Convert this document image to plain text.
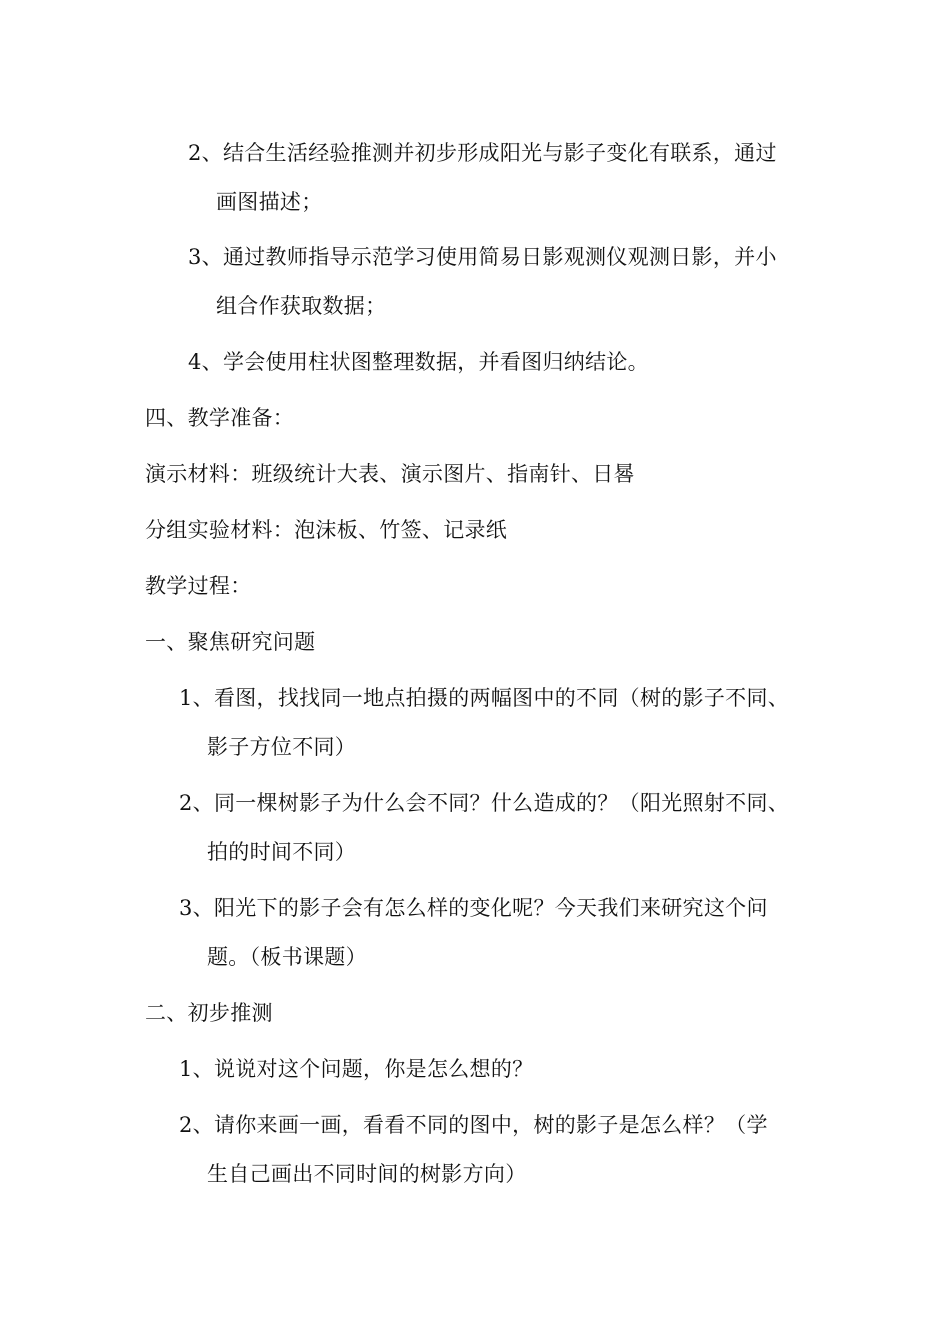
2、结合生活经验推测并初步形成阳光与影子变化有联系，通过
画图描述；
3、通过教师指导示范学习使用简易日影观测仪观测日影，并小
组合作获取数据；
4、学会使用柱状图整理数据，并看图归纳结论。
四、教学准备：
演示材料：班级统计大表、演示图片、指南针、日晷
分组实验材料：泡沫板、竹签、记录纸
教学过程：
一、聚焦研究问题
1、看图，找找同一地点拍摄的两幅图中的不同（树的影子不同、
影子方位不同）
2、同一棵树影子为什么会不同？什么造成的？（阳光照射不同、
拍的时间不同）
3、阳光下的影子会有怎么样的变化呢？今天我们来研究这个问
题。（板书课题）
二、初步推测
1、说说对这个问题，你是怎么想的？
2、请你来画一画，看看不同的图中，树的影子是怎么样？（学
生自己画出不同时间的树影方向）
